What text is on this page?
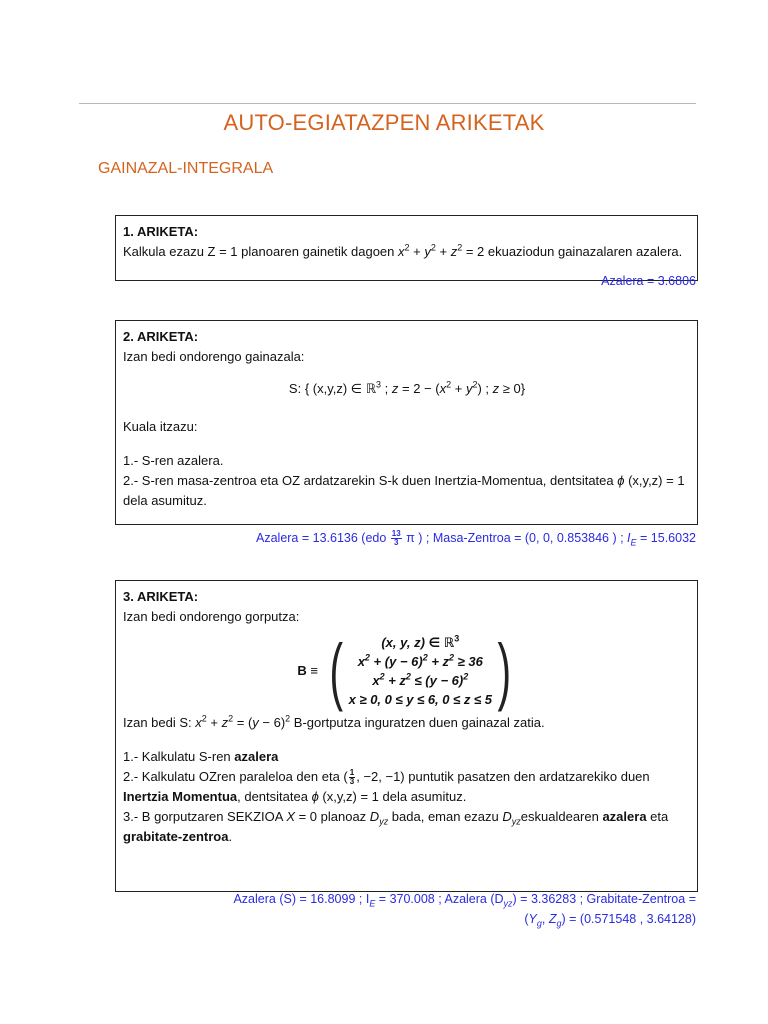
AUTO-EGIATAZPEN ARIKETAK
GAINAZAL-INTEGRALA
1. ARIKETA:
Kalkula ezazu Z = 1 planoaren gainetik dagoen $x^2 + y^2 + z^2 = 2$ ekuaziodun gainazalaren azalera.
Azalera = 3.6806
2. ARIKETA:
Izan bedi ondorengo gainazala:
S: { (x,y,z) ∈ ℝ$^3$ ; $z = 2 - (x^2 + y^2)$ ; z ≥ 0}
Kuala itzazu:
1.- S-ren azalera.
2.- S-ren masa-zentroa eta OZ ardatzarekin S-k duen Inertzia-Momentua, dentsitatea ϕ (x,y,z) = 1 dela asumituz.
Azalera = 13.6136 ($edo \frac{13}{3}$ π ) ; Masa-Zentroa = (0, 0, 0.853846 ) ; $I_E = 15.6032$
3. ARIKETA:
Izan bedi ondorengo gorputza:
B ≡ (	(x, y, z) ∈ ℝ$^3$
$x^2 + (y - 6)^2 + z^2 \ge 36$
$x^2 + z^2 \le (y - 6)^2$
x ≥ 0, 0 ≤ y ≤ 6, 0 ≤ z ≤ 5 )
Izan bedi S: $x^2 + z^2 = (y - 6)^2$ B-gortputza inguratzen duen gainazal zatia.
1.- Kalkulatu S-ren azalera
2.- Kalkulatu OZren paraleloa den eta ( $\frac{1}{3}$ , −2, −1) puntutik pasatzen den ardatzarekiko duen
Inertzia Momentua, dentsitatea ϕ (x,y,z) = 1 dela asumituz.
3.- B gorputzaren SEKZIOA X = 0 planoaz $D_{yz}$ bada, eman ezazu $D_{yz}eskualdearen$ azalera eta
grabitate-zentroa.
Azalera (S) = 16.8099 ; $I_E = 370.008$ ; Azalera $(D_{yz}) = 3.36283$ ; Grabitate-Zentroa =
($Y_g$, $Z_g) = (0.571548$ , 3.64128)
